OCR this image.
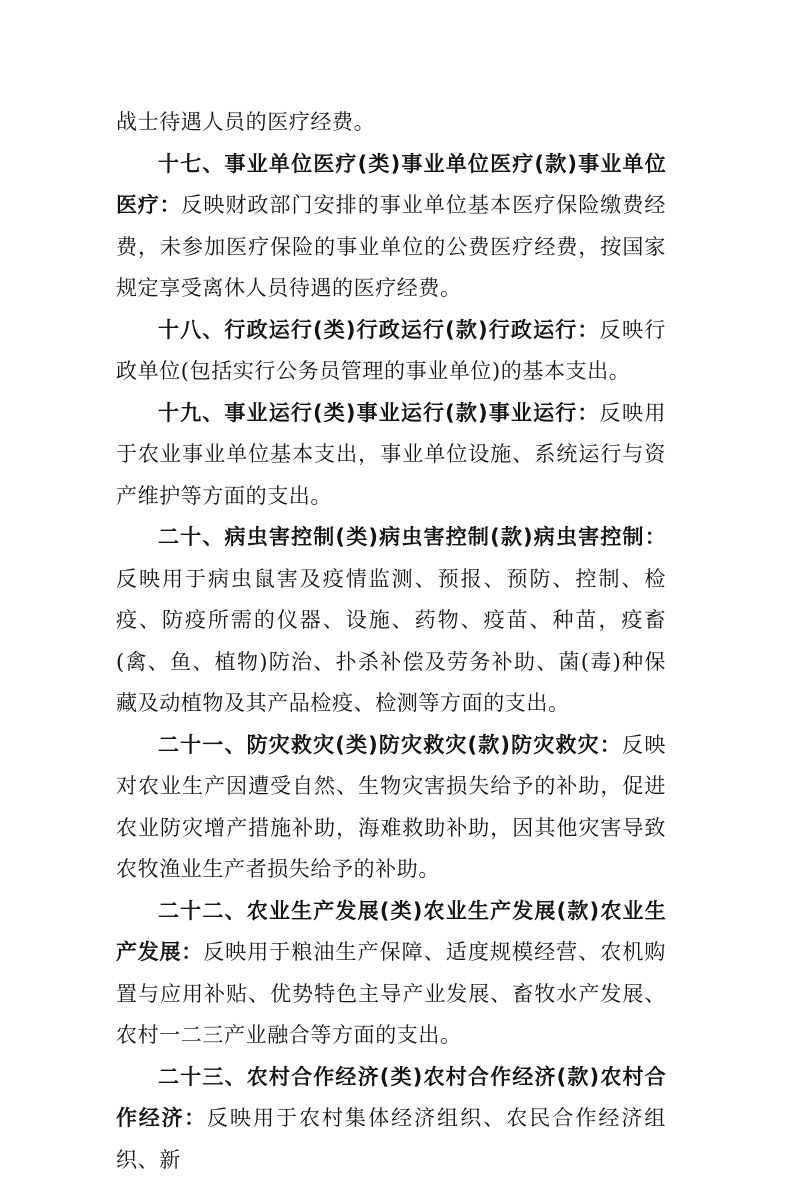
战士待遇人员的医疗经费。

十七、事业单位医疗(类)事业单位医疗(款)事业单位医疗：反映财政部门安排的事业单位基本医疗保险缴费经费，未参加医疗保险的事业单位的公费医疗经费，按国家规定享受离休人员待遇的医疗经费。

十八、行政运行(类)行政运行(款)行政运行：反映行政单位(包括实行公务员管理的事业单位)的基本支出。

十九、事业运行(类)事业运行(款)事业运行：反映用于农业事业单位基本支出，事业单位设施、系统运行与资产维护等方面的支出。

二十、病虫害控制(类)病虫害控制(款)病虫害控制：反映用于病虫鼠害及疫情监测、预报、预防、控制、检疫、防疫所需的仪器、设施、药物、疫苗、种苗，疫畜(禽、鱼、植物)防治、扑杀补偿及劳务补助、菌(毒)种保藏及动植物及其产品检疫、检测等方面的支出。

二十一、防灾救灾(类)防灾救灾(款)防灾救灾：反映对农业生产因遭受自然、生物灾害损失给予的补助，促进农业防灾增产措施补助，海难救助补助，因其他灾害导致农牧渔业生产者损失给予的补助。

二十二、农业生产发展(类)农业生产发展(款)农业生产发展：反映用于粮油生产保障、适度规模经营、农机购置与应用补贴、优势特色主导产业发展、畜牧水产发展、农村一二三产业融合等方面的支出。

二十三、农村合作经济(类)农村合作经济(款)农村合作经济：反映用于农村集体经济组织、农民合作经济组织、新
